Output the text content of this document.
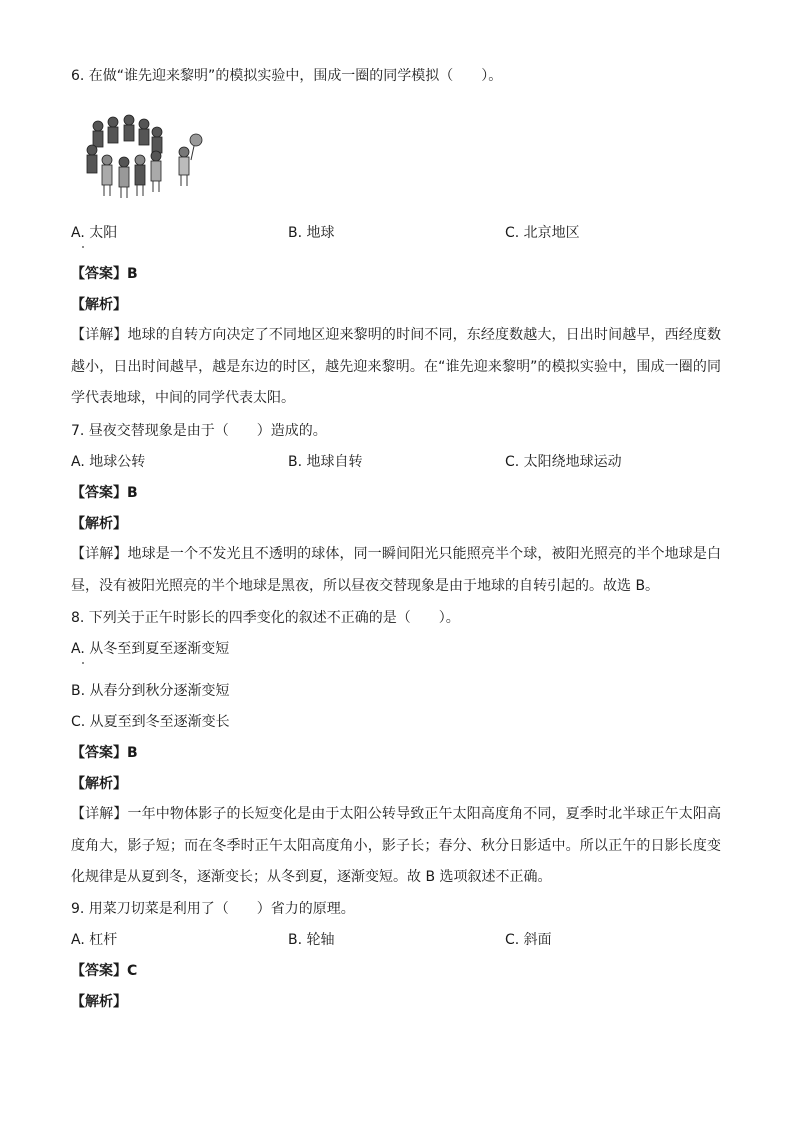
6. 在做“谁先迎来黎明”的模拟实验中，围成一圈的同学模拟（　　）。
A. 太阳	B. 地球	C. 北京地区
【答案】B
【解析】
【详解】地球的自转方向决定了不同地区迎来黎明的时间不同，东经度数越大，日出时间越早，西经度数越小，日出时间越早，越是东边的时区，越先迎来黎明。在“谁先迎来黎明”的模拟实验中，围成一圈的同学代表地球，中间的同学代表太阳。
7. 昼夜交替现象是由于（　　）造成的。
A. 地球公转	B. 地球自转	C. 太阳绕地球运动
【答案】B
【解析】
【详解】地球是一个不发光且不透明的球体，同一瞬间阳光只能照亮半个球，被阳光照亮的半个地球是白昼，没有被阳光照亮的半个地球是黑夜，所以昼夜交替现象是由于地球的自转引起的。故选 B。
8. 下列关于正午时影长的四季变化的叙述不正确的是（　　）。
A. 从冬至到夏至逐渐变短
B. 从春分到秋分逐渐变短
C. 从夏至到冬至逐渐变长
【答案】B
【解析】
【详解】一年中物体影子的长短变化是由于太阳公转导致正午太阳高度角不同，夏季时北半球正午太阳高度角大，影子短；而在冬季时正午太阳高度角小，影子长；春分、秋分日影适中。所以正午的日影长度变化规律是从夏到冬，逐渐变长；从冬到夏，逐渐变短。故 B 选项叙述不正确。
9. 用菜刀切菜是利用了（　　）省力的原理。
A. 杠杆	B. 轮轴	C. 斜面
【答案】C
【解析】
